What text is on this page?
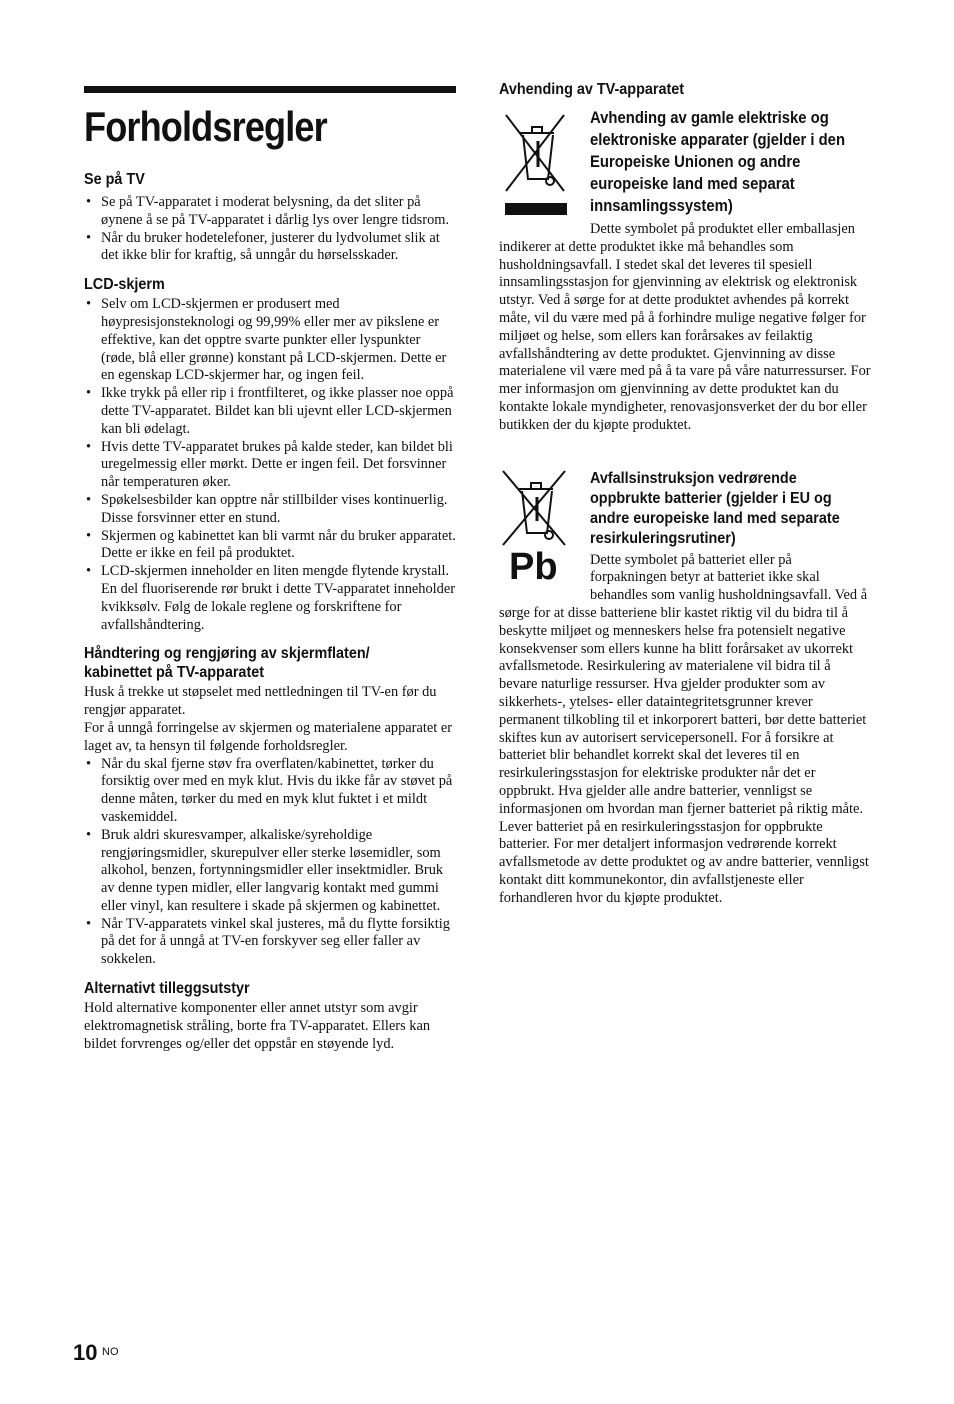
Forholdsregler
Se på TV
• Se på TV-apparatet i moderat belysning, da det sliter på øynene å se på TV-apparatet i dårlig lys over lengre tidsrom.
• Når du bruker hodetelefoner, justerer du lydvolumet slik at det ikke blir for kraftig, så unngår du hørselsskader.
LCD-skjerm
• Selv om LCD-skjermen er produsert med høypresisjonsteknologi og 99,99% eller mer av pikslene er effektive, kan det opptre svarte punkter eller lyspunkter (røde, blå eller grønne) konstant på LCD-skjermen. Dette er en egenskap LCD-skjermer har, og ingen feil.
• Ikke trykk på eller rip i frontfilteret, og ikke plasser noe oppå dette TV-apparatet. Bildet kan bli ujevnt eller LCD-skjermen kan bli ødelagt.
• Hvis dette TV-apparatet brukes på kalde steder, kan bildet bli uregelmessig eller mørkt. Dette er ingen feil. Det forsvinner når temperaturen øker.
• Spøkelsesbilder kan opptre når stillbilder vises kontinuerlig. Disse forsvinner etter en stund.
• Skjermen og kabinettet kan bli varmt når du bruker apparatet. Dette er ikke en feil på produktet.
• LCD-skjermen inneholder en liten mengde flytende krystall. En del fluoriserende rør brukt i dette TV-apparatet inneholder kvikksølv. Følg de lokale reglene og forskriftene for avfallshåndtering.
Håndtering og rengjøring av skjermflaten/
kabinettet på TV-apparatet

Husk å trekke ut støpselet med nettledningen til TV-en før du rengjør apparatet.

For å unngå forringelse av skjermen og materialene apparatet er laget av, ta hensyn til følgende forholdsregler.

• Når du skal fjerne støv fra overflaten/kabinettet, tørker du forsiktig over med en myk klut. Hvis du ikke får av støvet på denne måten, tørker du med en myk klut fuktet i et mildt vaskemiddel.
• Bruk aldri skuresvamper, alkaliske/syreholdige rengjøringsmidler, skurepulver eller sterke løsemidler, som alkohol, benzen, fortynningsmidler eller insektmidler. Bruk av denne typen midler, eller langvarig kontakt med gummi eller vinyl, kan resultere i skade på skjermen og kabinettet.
• Når TV-apparatets vinkel skal justeres, må du flytte forsiktig på det for å unngå at TV-en forskyver seg eller faller av sokkelen.
Alternativt tilleggsutstyr

Hold alternative komponenter eller annet utstyr som avgir elektromagnetisk stråling, borte fra TV-apparatet. Ellers kan bildet forvrenges og/eller det oppstår en støyende lyd.

Avhending av TV-apparatet
Avhending av gamle elektriske og
elektroniske apparater (gjelder i den
Europeiske Unionen og andre
europeiske land med separat
innsamlingssystem)

Dette symbolet på produktet eller emballasjen indikerer at dette produktet ikke må behandles som husholdningsavfall. I stedet skal det leveres til spesiell innsamlingsstasjon for gjenvinning av elektrisk og elektronisk utstyr. Ved å sørge for at dette produktet avhendes på korrekt måte, vil du være med på å forhindre mulige negative følger for miljøet og helse, som ellers kan forårsakes av feilaktig avfallshåndtering av dette produktet. Gjenvinning av disse materialene vil være med på å ta vare på våre naturressurser. For mer informasjon om gjenvinning av dette produktet kan du kontakte lokale myndigheter, renovasjonsverket der du bor eller butikken der du kjøpte produktet.

Pb
Avfallsinstruksjon vedrørende
oppbrukte batterier (gjelder i EU og
andre europeiske land med separate
resirkuleringsrutiner)

Dette symbolet på batteriet eller på forpakningen betyr at batteriet ikke skal behandles som vanlig husholdningsavfall. Ved å sørge for at disse batteriene blir kastet riktig vil du bidra til å beskytte miljøet og menneskers helse fra potensielt negative konsekvenser som ellers kunne ha blitt forårsaket av ukorrekt avfallsmetode. Resirkulering av materialene vil bidra til å bevare naturlige ressurser. Hva gjelder produkter som av sikkerhets-, ytelses- eller dataintegritetsgrunner krever permanent tilkobling til et inkorporert batteri, bør dette batteriet skiftes kun av autorisert servicepersonell. For å forsikre at batteriet blir behandlet korrekt skal det leveres til en resirkuleringsstasjon for elektriske produkter når det er oppbrukt. Hva gjelder alle andre batterier, vennligst se informasjonen om hvordan man fjerner batteriet på riktig måte. Lever batteriet på en resirkuleringsstasjon for oppbrukte batterier. For mer detaljert informasjon vedrørende korrekt avfallsmetode av dette produktet og av andre batterier, vennligst kontakt ditt kommunekontor, din avfallstjeneste eller forhandleren hvor du kjøpte produktet.

10 NO
